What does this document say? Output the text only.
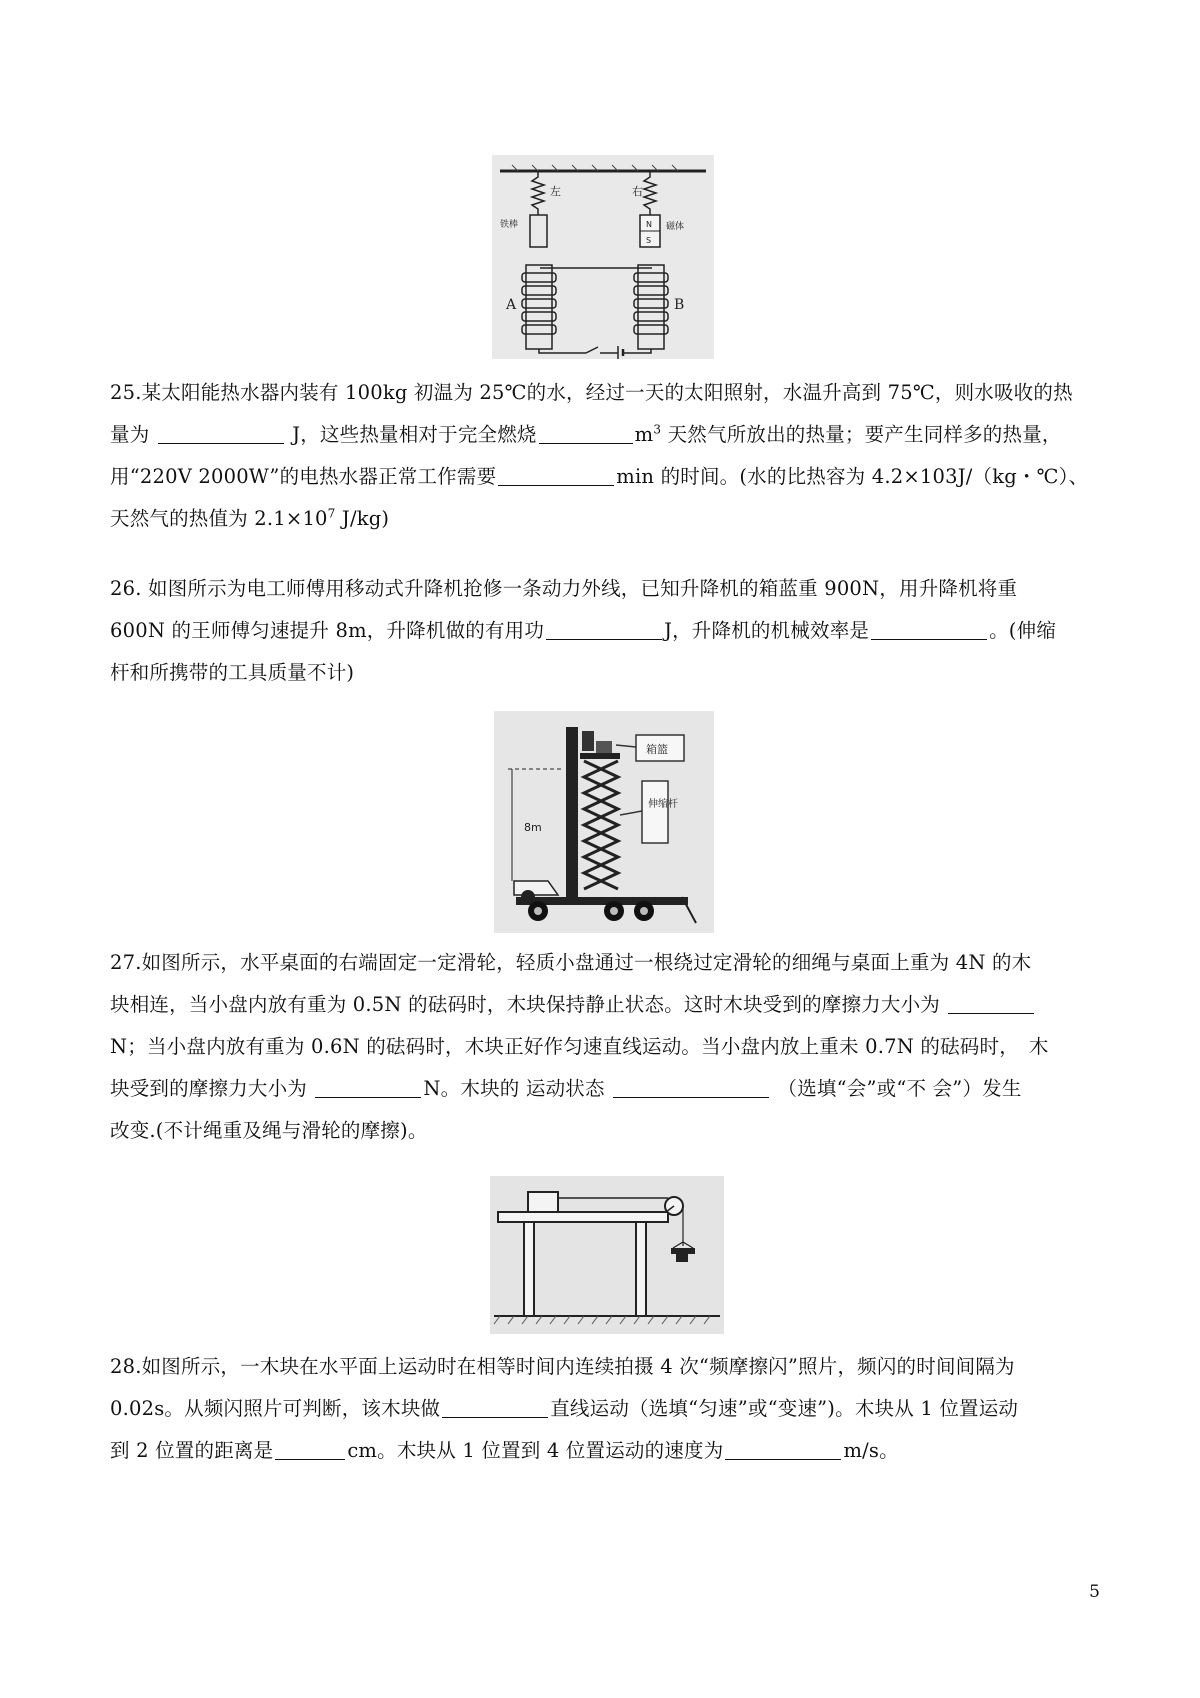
左	右
铁棒	N
S
磁体
A	B
25.某太阳能热水器内装有 100kg 初温为 25℃的水，经过一天的太阳照射，水温升高到 75℃，则水吸收的热
量为	J，这些热量相对于完全燃烧	$m^3$ 天然气所放出的热量；要产生同样多的热量，
用“220V 2000W”的电热水器正常工作需要	min 的时间。(水的比热容为 4.2×103J/（kg・℃）、
天然气的热值为 $2.1\times 10^7$ J/kg)
26. 如图所示为电工师傅用移动式升降机抢修一条动力外线，已知升降机的箱蓝重 900N，用升降机将重
600N 的王师傅匀速提升 8m，升降机做的有用功	J，升降机的机械效率是	。(伸缩
杆和所携带的工具质量不计)
箱篮
伸缩杆
8m
27.如图所示，水平桌面的右端固定一定滑轮，轻质小盘通过一根绕过定滑轮的细绳与桌面上重为 4N 的木
块相连，当小盘内放有重为 0.5N 的砝码时，木块保持静止状态。这时木块受到的摩擦力大小为
N；当小盘内放有重为 0.6N 的砝码时，木块正好作匀速直线运动。当小盘内放上重未 0.7N 的砝码时，　木
块受到的摩擦力大小为	N。木块的 运动状态	（选填“会”或“不 会”）发生
改变.(不计绳重及绳与滑轮的摩擦)。
28.如图所示，一木块在水平面上运动时在相等时间内连续拍摄 4 次“频摩擦闪”照片，频闪的时间间隔为
0.02s。从频闪照片可判断，该木块做	直线运动（选填“匀速”或“变速”)。木块从 1 位置运动
到 2 位置的距离是	cm。木块从 1 位置到 4 位置运动的速度为	m/s。
5
